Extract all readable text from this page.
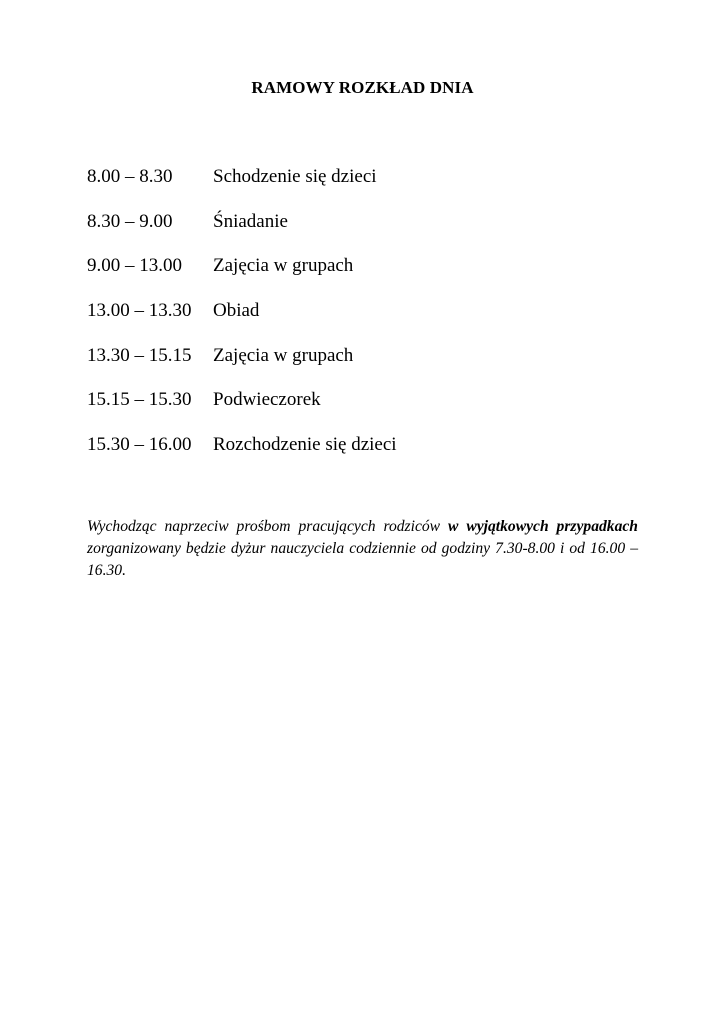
RAMOWY ROZKŁAD DNIA
8.00 – 8.30	Schodzenie się dzieci
8.30 – 9.00	Śniadanie
9.00 – 13.00	Zajęcia w grupach
13.00 – 13.30	Obiad
13.30 – 15.15	Zajęcia w grupach
15.15 – 15.30	Podwieczorek
15.30 – 16.00	Rozchodzenie się dzieci

Wychodząc naprzeciw prośbom pracujących rodziców w wyjątkowych przypadkach zorganizowany będzie dyżur nauczyciela codziennie od godziny 7.30-8.00 i od 16.00 – 16.30.
